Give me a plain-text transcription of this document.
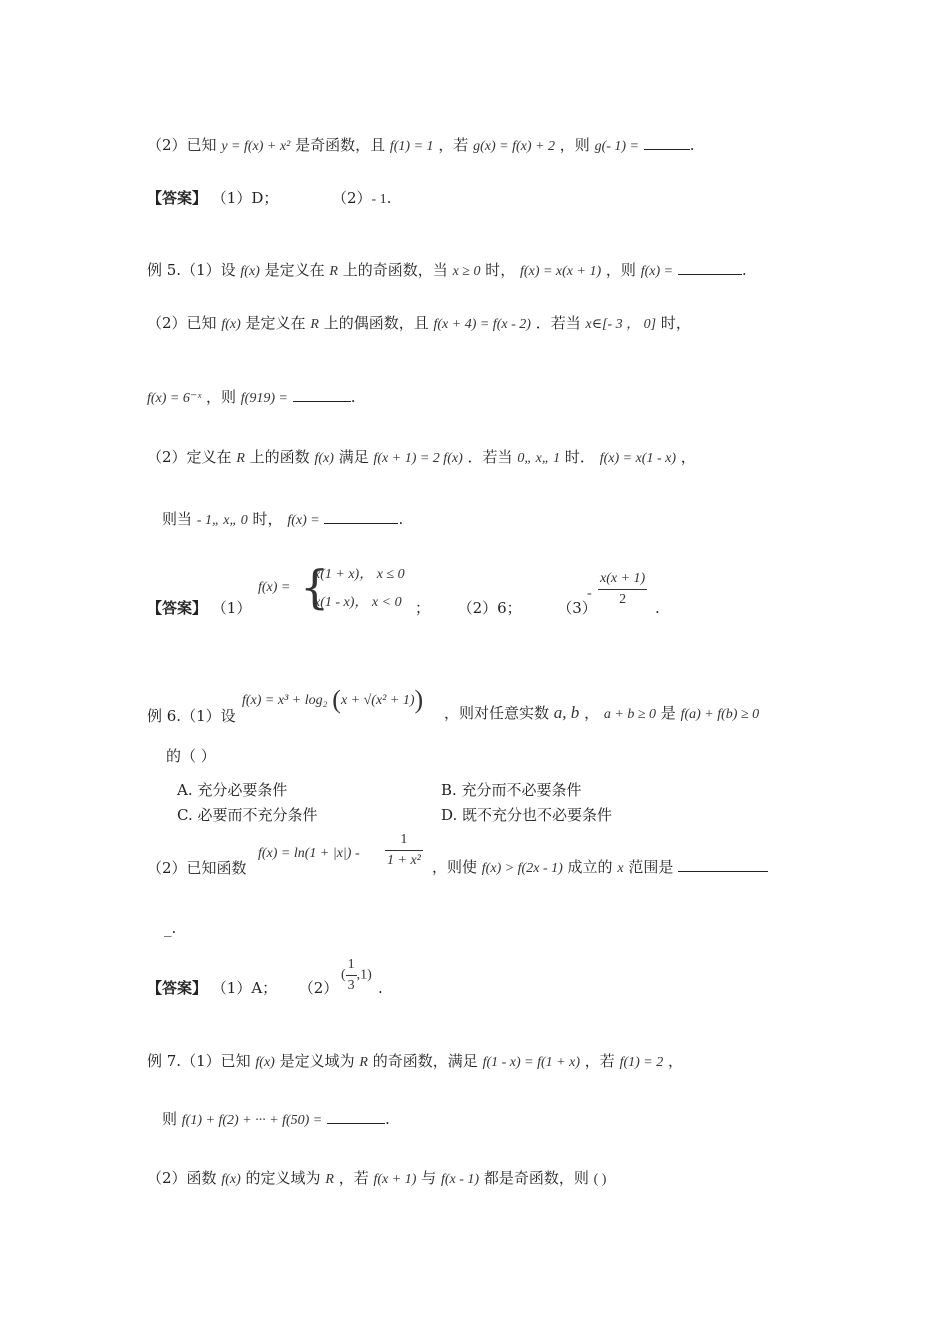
（2）已知 y = f(x) + x² 是奇函数，且 f(1) = 1 ，若 g(x) = f(x) + 2 ，则 g(- 1) =	.
【答案】 （1）D；	（2）- 1.
例 5.（1）设 f(x) 是定义在 R 上的奇函数，当 x ≥ 0 时， f(x) = x(x + 1) ，则 f(x) =	.
（2）已知 f(x) 是定义在 R 上的偶函数，且 f(x + 4) = f(x - 2) ．若当 x∈[- 3 ， 0] 时，
f(x) = 6⁻ˣ ，则 f(919) =	.
（2）定义在 R 上的函数 f(x) 满足 f(x + 1) = 2 f(x) ．若当 0„ x„ 1 时． f(x) = x(1 - x) ，
则当 - 1„ x„ 0 时， f(x) =	.
【答案】 （1）
f(x) = {
x(1 + x)， x ≤ 0
x(1 - x)， x < 0 ； （2）6； （3）
- $\frac{x(x + 1)}{2}$ .
f(x) = x³ + log₂ (x + √(x² + 1))
例 6.（1）设	，则对任意实数 a, b ， a + b ≥ 0 是 f(a) + f(b) ≥ 0
的（ ）
A. 充分必要条件	B. 充分而不必要条件
C. 必要而不充分条件	D. 既不充分也不必要条件
（2）已知函数
$f(x) = \ln(1 + |x|) - \frac{1}{\text{1 + x²}}$ ，则使 f(x) > f(2x - 1) 成立的 x 范围是
_.
【答案】 （1）A； （2）
( $\frac{1}{3} ,1$)
.
例 7.（1）已知 f(x) 是定义域为 R 的奇函数，满足 f(1 - x) = f(1 + x) ，若 f(1) = 2 ，
则 f(1) + f(2) + ··· + f(50) =	.
（2）函数 f(x) 的定义域为 R ，若 f(x + 1) 与 f(x - 1) 都是奇函数，则 ( )
